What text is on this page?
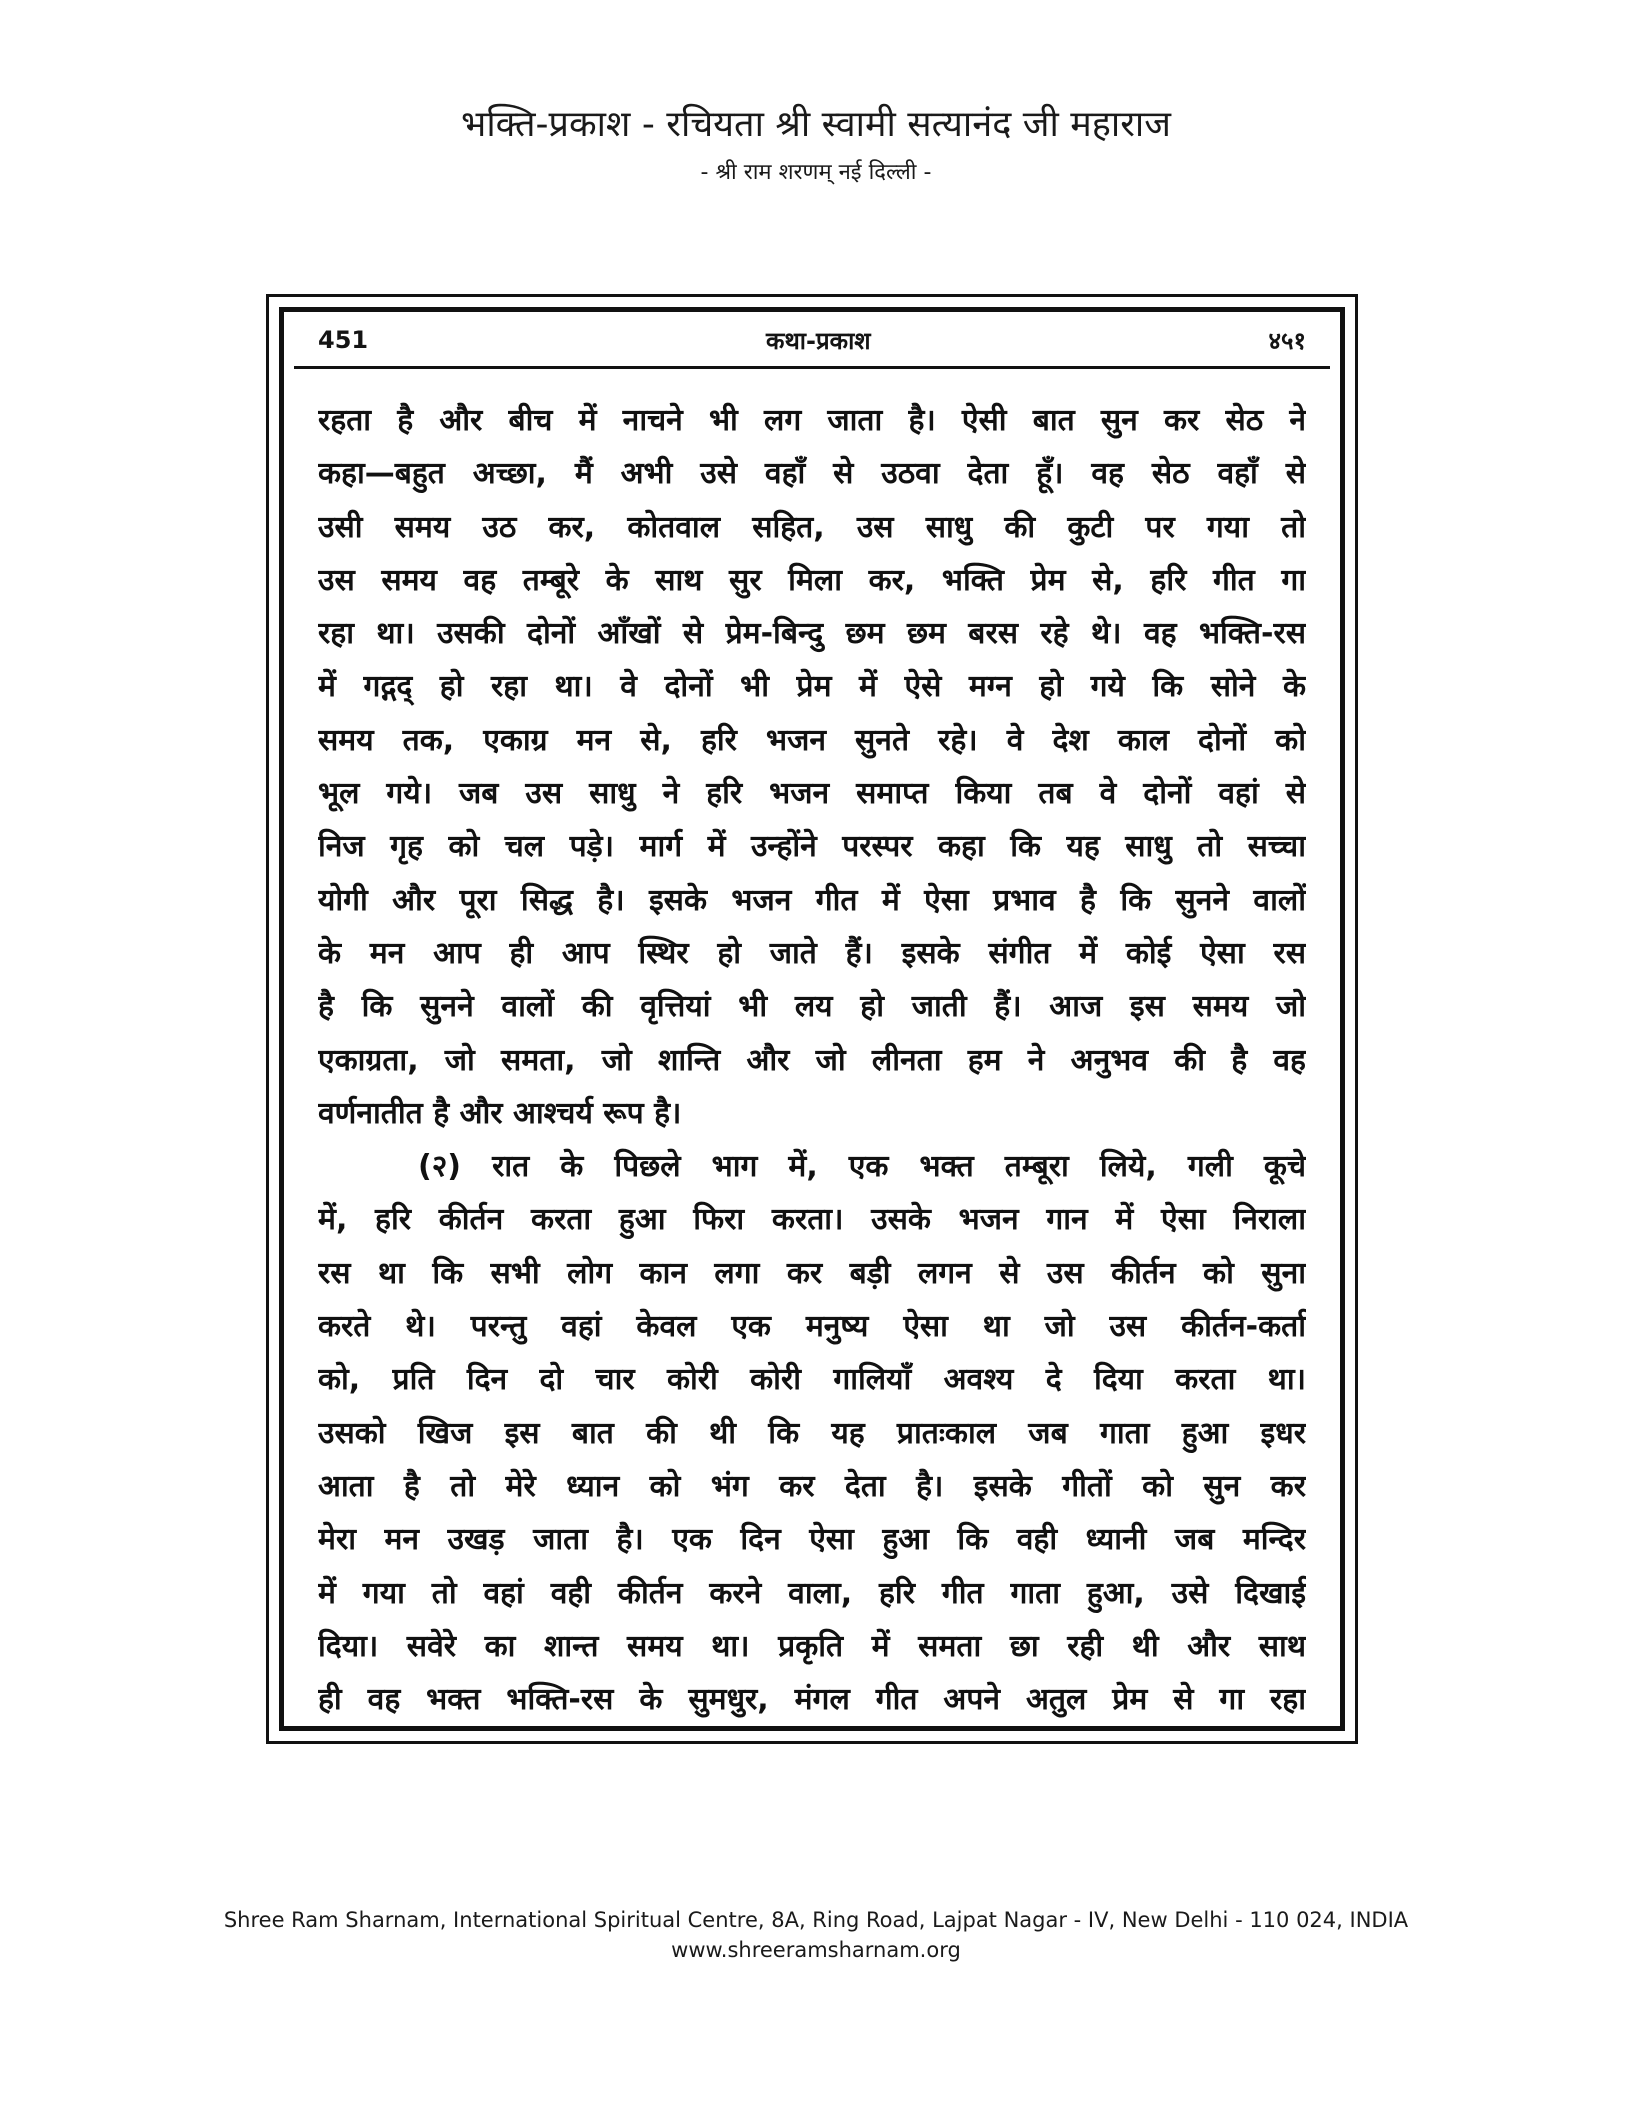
भक्ति-प्रकाश - रचियता श्री स्वामी सत्यानंद जी महाराज
- श्री राम शरणम् नई दिल्ली -
451	कथा-प्रकाश	४५१
रहता है और बीच में नाचने भी लग जाता है। ऐसी बात सुन कर सेठ ने
कहा—बहुत अच्छा, मैं अभी उसे वहाँ से उठवा देता हूँ। वह सेठ वहाँ से
उसी समय उठ कर, कोतवाल सहित, उस साधु की कुटी पर गया तो
उस समय वह तम्बूरे के साथ सुर मिला कर, भक्ति प्रेम से, हरि गीत गा
रहा था। उसकी दोनों आँखों से प्रेम-बिन्दु छम छम बरस रहे थे। वह भक्ति-रस
में गद्गद् हो रहा था। वे दोनों भी प्रेम में ऐसे मग्न हो गये कि सोने के
समय तक, एकाग्र मन से, हरि भजन सुनते रहे। वे देश काल दोनों को
भूल गये। जब उस साधु ने हरि भजन समाप्त किया तब वे दोनों वहां से
निज गृह को चल पड़े। मार्ग में उन्होंने परस्पर कहा कि यह साधु तो सच्चा
योगी और पूरा सिद्ध है। इसके भजन गीत में ऐसा प्रभाव है कि सुनने वालों
के मन आप ही आप स्थिर हो जाते हैं। इसके संगीत में कोई ऐसा रस
है कि सुनने वालों की वृत्तियां भी लय हो जाती हैं। आज इस समय जो
एकाग्रता, जो समता, जो शान्ति और जो लीनता हम ने अनुभव की है वह
वर्णनातीत है और आश्चर्य रूप है।
(२) रात के पिछले भाग में, एक भक्त तम्बूरा लिये, गली कूचे
में, हरि कीर्तन करता हुआ फिरा करता। उसके भजन गान में ऐसा निराला
रस था कि सभी लोग कान लगा कर बड़ी लगन से उस कीर्तन को सुना
करते थे। परन्तु वहां केवल एक मनुष्य ऐसा था जो उस कीर्तन-कर्ता
को, प्रति दिन दो चार कोरी कोरी गालियाँ अवश्य दे दिया करता था।
उसको खिज इस बात की थी कि यह प्रातःकाल जब गाता हुआ इधर
आता है तो मेरे ध्यान को भंग कर देता है। इसके गीतों को सुन कर
मेरा मन उखड़ जाता है। एक दिन ऐसा हुआ कि वही ध्यानी जब मन्दिर
में गया तो वहां वही कीर्तन करने वाला, हरि गीत गाता हुआ, उसे दिखाई
दिया। सवेरे का शान्त समय था। प्रकृति में समता छा रही थी और साथ
ही वह भक्त भक्ति-रस के सुमधुर, मंगल गीत अपने अतुल प्रेम से गा रहा
Shree Ram Sharnam, International Spiritual Centre, 8A, Ring Road, Lajpat Nagar - IV, New Delhi - 110 024, INDIA
www.shreeramsharnam.org
